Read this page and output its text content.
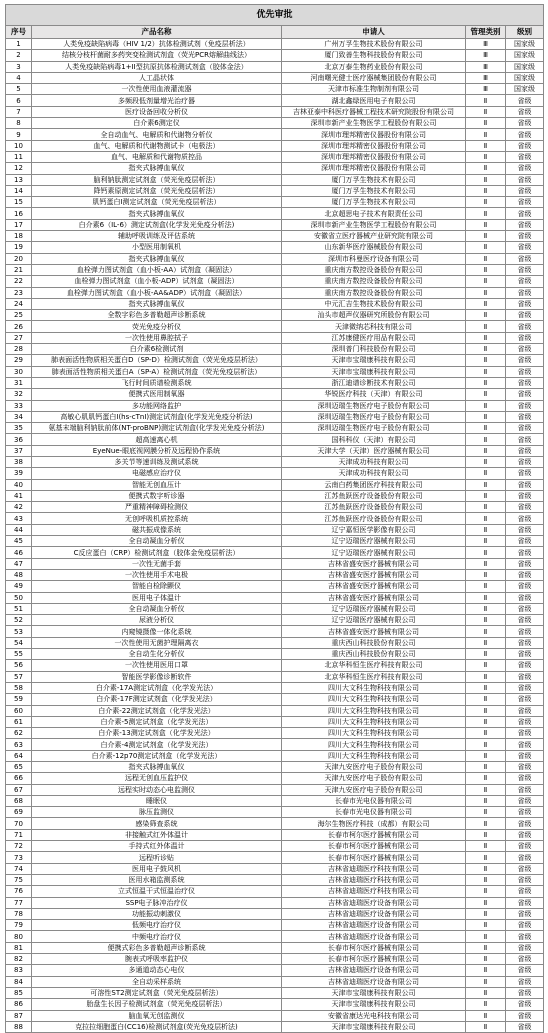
优先审批				
序号	产品名称	申请人	管理类别	级别
1	人类免疫缺陷病毒（HIV 1/2）抗体检测试剂（免疫层析法）	广州万孚生物技术股份有限公司	Ⅲ	国家级
2	结核分枝杆菌耐多药突变检测试剂盒（荧光PCR熔解曲线法）	厦门致善生物科技股份有限公司	Ⅲ	国家级
3	人类免疫缺陷病毒1+II型抗原抗体检测试剂盒（胶体金法）	北京万泰生物药业股份有限公司	Ⅲ	国家级
4	人工晶状体	河南曙光健士医疗器械集团股份有限公司	Ⅲ	国家级
5	一次性使用血液灌流器	天津市标准生物制剂有限公司	Ⅲ	国家级
6	多频段低剂量增光治疗器	湖北鑫绿医用电子有限公司	Ⅱ	省级
7	医疗设备回收分析仪	吉林亚泰中科医疗器械工程技术研究院股份有限公司	Ⅱ	省级
8	白介素6测定仪	深圳市新产业生物医学工程股份有限公司	Ⅱ	省级
9	全自动血气、电解质和代谢物分析仪	深圳市理邦精密仪器股份有限公司	Ⅱ	省级
10	血气、电解质和代谢物测试卡（电极法）	深圳市理邦精密仪器股份有限公司	Ⅱ	省级
11	血气、电解质和代谢物质控品	深圳市理邦精密仪器股份有限公司	Ⅱ	省级
12	指夹式脉搏血氧仪	深圳市理邦精密仪器股份有限公司	Ⅱ	省级
13	脑利钠肽测定试剂盒（荧光免疫层析法）	厦门万孚生物技术有限公司	Ⅱ	省级
14	降钙素原测定试剂盒（荧光免疫层析法）	厦门万孚生物技术有限公司	Ⅱ	省级
15	肌钙蛋白I测定试剂盒（荧光免疫层析法）	厦门万孚生物技术有限公司	Ⅱ	省级
16	指夹式脉搏血氧仪	北京超思电子技术有限责任公司	Ⅱ	省级
17	白介素6（IL-6）测定试剂盒(化学发光免疫分析法)	深圳市新产业生物医学工程股份有限公司	Ⅱ	省级
18	辅助呼吸训练及评估系统	安徽省立医疗器械产业研究院有限公司	Ⅱ	省级
19	小型医用制氧机	山东新华医疗器械股份有限公司	Ⅱ	省级
20	指夹式脉搏血氧仪	深圳市科曼医疗设备有限公司	Ⅱ	省级
21	血栓弹力图试剂盒（血小板-AA）试剂盒（凝固法）	重庆南方数控设备股份有限公司	Ⅱ	省级
22	血栓弹力图试剂盒（血小板-ADP）试剂盒（凝固法）	重庆南方数控设备股份有限公司	Ⅱ	省级
23	血栓弹力图试剂盒（血小板-AA&ADP）试剂盒（凝固法）	重庆南方数控设备股份有限公司	Ⅱ	省级
24	指夹式脉搏血氧仪	中元汇吉生物技术股份有限公司	Ⅱ	省级
25	全数字彩色多普勒超声诊断系统	汕头市超声仪器研究所股份有限公司	Ⅱ	省级
26	荧光免疫分析仪	天津微纳芯科技有限公司	Ⅱ	省级
27	一次性使用鼻腔拭子	江苏康健医疗用品有限公司	Ⅱ	省级
28	白介素6检测试剂	深圳普门科技股份有限公司	Ⅱ	省级
29	肺表面活性物质相关蛋白D（SP-D）检测试剂盒（荧光免疫层析法）	天津市宝瑞康科技有限公司	Ⅱ	省级
30	肺表面活性物质相关蛋白A（SP-A）检测试剂盒（荧光免疫层析法）	天津市宝瑞康科技有限公司	Ⅱ	省级
31	飞行时间质谱检测系统	浙江迪谱诊断技术有限公司	Ⅱ	省级
32	便携式医用制氧器	华锐医疗科技（天津）有限公司	Ⅱ	省级
33	多功能网络监护	深圳迈瑞生物医疗电子股份有限公司	Ⅱ	省级
34	高敏心肌肌钙蛋白I(hs-cTnI)测定试剂盒(化学发光免疫分析法)	深圳迈瑞生物医疗电子股份有限公司	Ⅱ	省级
35	氨基末端脑利钠肽前体(NT-proBNP)测定试剂盒(化学发光免疫分析法)	深圳迈瑞生物医疗电子股份有限公司	Ⅱ	省级
36	超高速离心机	国科科仪（天津）有限公司	Ⅱ	省级
37	EyeNue-眼底视网膜分析及远程协作系统	天津大学（天津）医疗器械有限公司	Ⅱ	省级
38	多关节等速训练及测试系统	天津成功科技有限公司	Ⅱ	省级
39	电磁感应治疗仪	天津成功科技有限公司	Ⅱ	省级
40	智能无创血压计	云南白药集团医疗科技有限公司	Ⅱ	省级
41	便携式数字听诊器	江苏鱼跃医疗设备股份有限公司	Ⅱ	省级
42	严重精神障碍检测仪	江苏鱼跃医疗设备股份有限公司	Ⅱ	省级
43	无创呼吸机质控系统	江苏鱼跃医疗设备股份有限公司	Ⅱ	省级
44	磁共振成像系统	辽宁嘉恒医学影像有限公司	Ⅱ	省级
45	全自动凝血分析仪	辽宁迈瑞医疗器械有限公司	Ⅱ	省级
46	C反应蛋白（CRP）检测试剂盒（胶体金免疫层析法）	辽宁迈瑞医疗器械有限公司	Ⅱ	省级
47	一次性无菌手套	吉林省盛安医疗器械有限公司	Ⅱ	省级
48	一次性使用手术电极	吉林省盛安医疗器械有限公司	Ⅱ	省级
49	智能自检除颤仪	吉林省盛安医疗器械有限公司	Ⅱ	省级
50	医用电子体温计	吉林省盛安医疗器械有限公司	Ⅱ	省级
51	全自动凝血分析仪	辽宁迈瑞医疗器械有限公司	Ⅱ	省级
52	尿液分析仪	辽宁迈瑞医疗器械有限公司	Ⅱ	省级
53	内窥镜摄像一体化系统	吉林省盛安医疗器械有限公司	Ⅱ	省级
54	一次性使用无菌护理隔离衣	重庆西山科技股份有限公司	Ⅱ	省级
55	全自动生化分析仪	重庆西山科技股份有限公司	Ⅱ	省级
56	一次性使用医用口罩	北京华科恒生医疗科技有限公司	Ⅱ	省级
57	智能医学影像诊断软件	北京华科恒生医疗科技有限公司	Ⅱ	省级
58	白介素-17A测定试剂盒（化学发光法）	四川大文科生物科技有限公司	Ⅱ	省级
59	白介素-17F测定试剂盒（化学发光法）	四川大文科生物科技有限公司	Ⅱ	省级
60	白介素-22测定试剂盒（化学发光法）	四川大文科生物科技有限公司	Ⅱ	省级
61	白介素-5测定试剂盒（化学发光法）	四川大文科生物科技有限公司	Ⅱ	省级
62	白介素-13测定试剂盒（化学发光法）	四川大文科生物科技有限公司	Ⅱ	省级
63	白介素-4测定试剂盒（化学发光法）	四川大文科生物科技有限公司	Ⅱ	省级
64	白介素-12p70测定试剂盒（化学发光法）	四川大文科生物科技有限公司	Ⅱ	省级
65	指夹式脉搏血氧仪	天津九安医疗电子股份有限公司	Ⅱ	省级
66	远程无创血压监护仪	天津九安医疗电子股份有限公司	Ⅱ	省级
67	远程实时动态心电监测仪	天津九安医疗电子股份有限公司	Ⅱ	省级
68	睡眠仪	长春市光电仪器有限公司	Ⅱ	省级
69	脉压监测仪	长春市光电仪器有限公司	Ⅱ	省级
70	感染筛查系统	海尔生物医疗科技（成都）有限公司	Ⅱ	省级
71	非接触式红外体温计	长春市柯尔医疗器械有限公司	Ⅱ	省级
72	手持式红外体温计	长春市柯尔医疗器械有限公司	Ⅱ	省级
73	远程听诊贴	长春市柯尔医疗器械有限公司	Ⅱ	省级
74	医用电子鼓风机	吉林省迪瑞医疗科技有限公司	Ⅱ	省级
75	医用水箱监测系统	吉林省迪瑞医疗科技有限公司	Ⅱ	省级
76	立式恒温干式恒温治疗仪	吉林省迪瑞医疗科技有限公司	Ⅱ	省级
77	SSP电子脉冲治疗仪	吉林省迪瑞医疗设备有限公司	Ⅱ	省级
78	功能振动刺激仪	吉林省迪瑞医疗设备有限公司	Ⅱ	省级
79	低频电疗治疗仪	吉林省迪瑞医疗设备有限公司	Ⅱ	省级
80	中频电疗治疗仪	吉林省迪瑞医疗设备有限公司	Ⅱ	省级
81	便携式彩色多普勒超声诊断系统	长春市柯尔医疗器械有限公司	Ⅱ	省级
82	腕表式呼吸率监护仪	长春市柯尔医疗器械有限公司	Ⅱ	省级
83	多通道动态心电仪	吉林省迪瑞医疗设备有限公司	Ⅱ	省级
84	全自动采样系统	吉林省迪瑞医疗设备有限公司	Ⅱ	省级
85	可溶性ST2测定试剂盒（荧光免疫层析法）	天津市宝瑞康科技有限公司	Ⅱ	省级
86	胎盘生长因子检测试剂盒（荧光免疫层析法）	天津市宝瑞康科技有限公司	Ⅱ	省级
87	脑血氧无创监测仪	安徽省康达光电科技有限公司	Ⅱ	省级
88	克拉拉细胞蛋白(CC16)检测试剂盒(荧光免疫层析法)	天津市宝瑞康科技有限公司	Ⅱ	省级
